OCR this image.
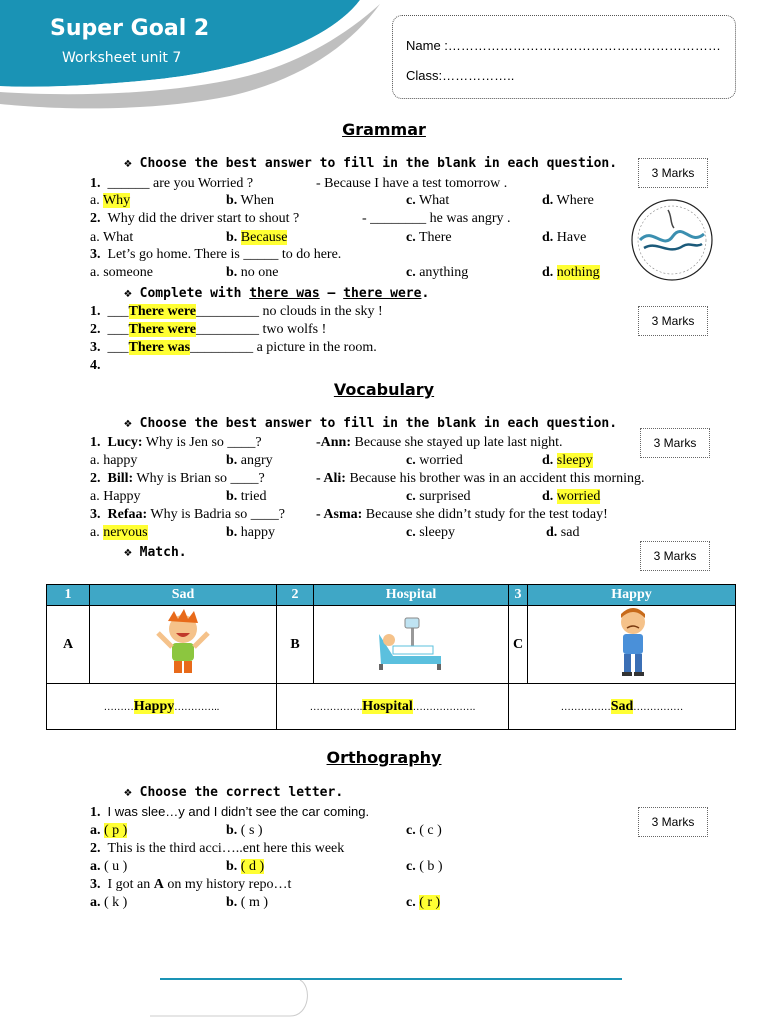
Super Goal 2
Worksheet unit 7
Name :………………………………………………………
Class:……………..
Grammar
❖ Choose the best answer to fill in the blank in each question.
3 Marks
1. ______ are you Worried ?	- Because I have a test tomorrow .
a. Why	b. When	c. What	d. Where
2. Why did the driver start to shout ?	- ________ he was angry .
a. What	b. Because	c. There	d. Have
3. Let’s go home. There is _____ to do here.
a. someone	b. no one	c. anything	d. nothing
❖ Complete with there was – there were.
3 Marks
1. ___There were_________ no clouds in the sky !
2. ___There were_________ two wolfs !
3. ___There was_________ a picture in the room.
4.
Vocabulary
❖ Choose the best answer to fill in the blank in each question.
3 Marks
1. Lucy: Why is Jen so ____?	-Ann: Because she stayed up late last night.
a. happy	b. angry	c. worried	d. sleepy
2. Bill: Why is Brian so ____?	- Ali: Because his brother was in an accident this morning.
a. Happy	b. tried	c. surprised	d. worried
3. Refaa: Why is Badria so ____? - Asma: Because she didn’t study for the test today!
a. nervous	b. happy	c. sleepy	d. sad
❖ Match.	3 Marks
1	Sad	2	Hospital	3	Happy
A		B		C	
………Happy…………..		…………….Hospital……………….		……………Sad……………	
Orthography
❖ Choose the correct letter.
3 Marks
1. I was slee…y and I didn’t see the car coming.
a. ( p )	b. ( s )	c. ( c )
2. This is the third acci…..ent here this week
a. ( u )	b. ( d )	c. ( b )
3. I got an A on my history repo…t
a. ( k )	b. ( m )	c. ( r )
